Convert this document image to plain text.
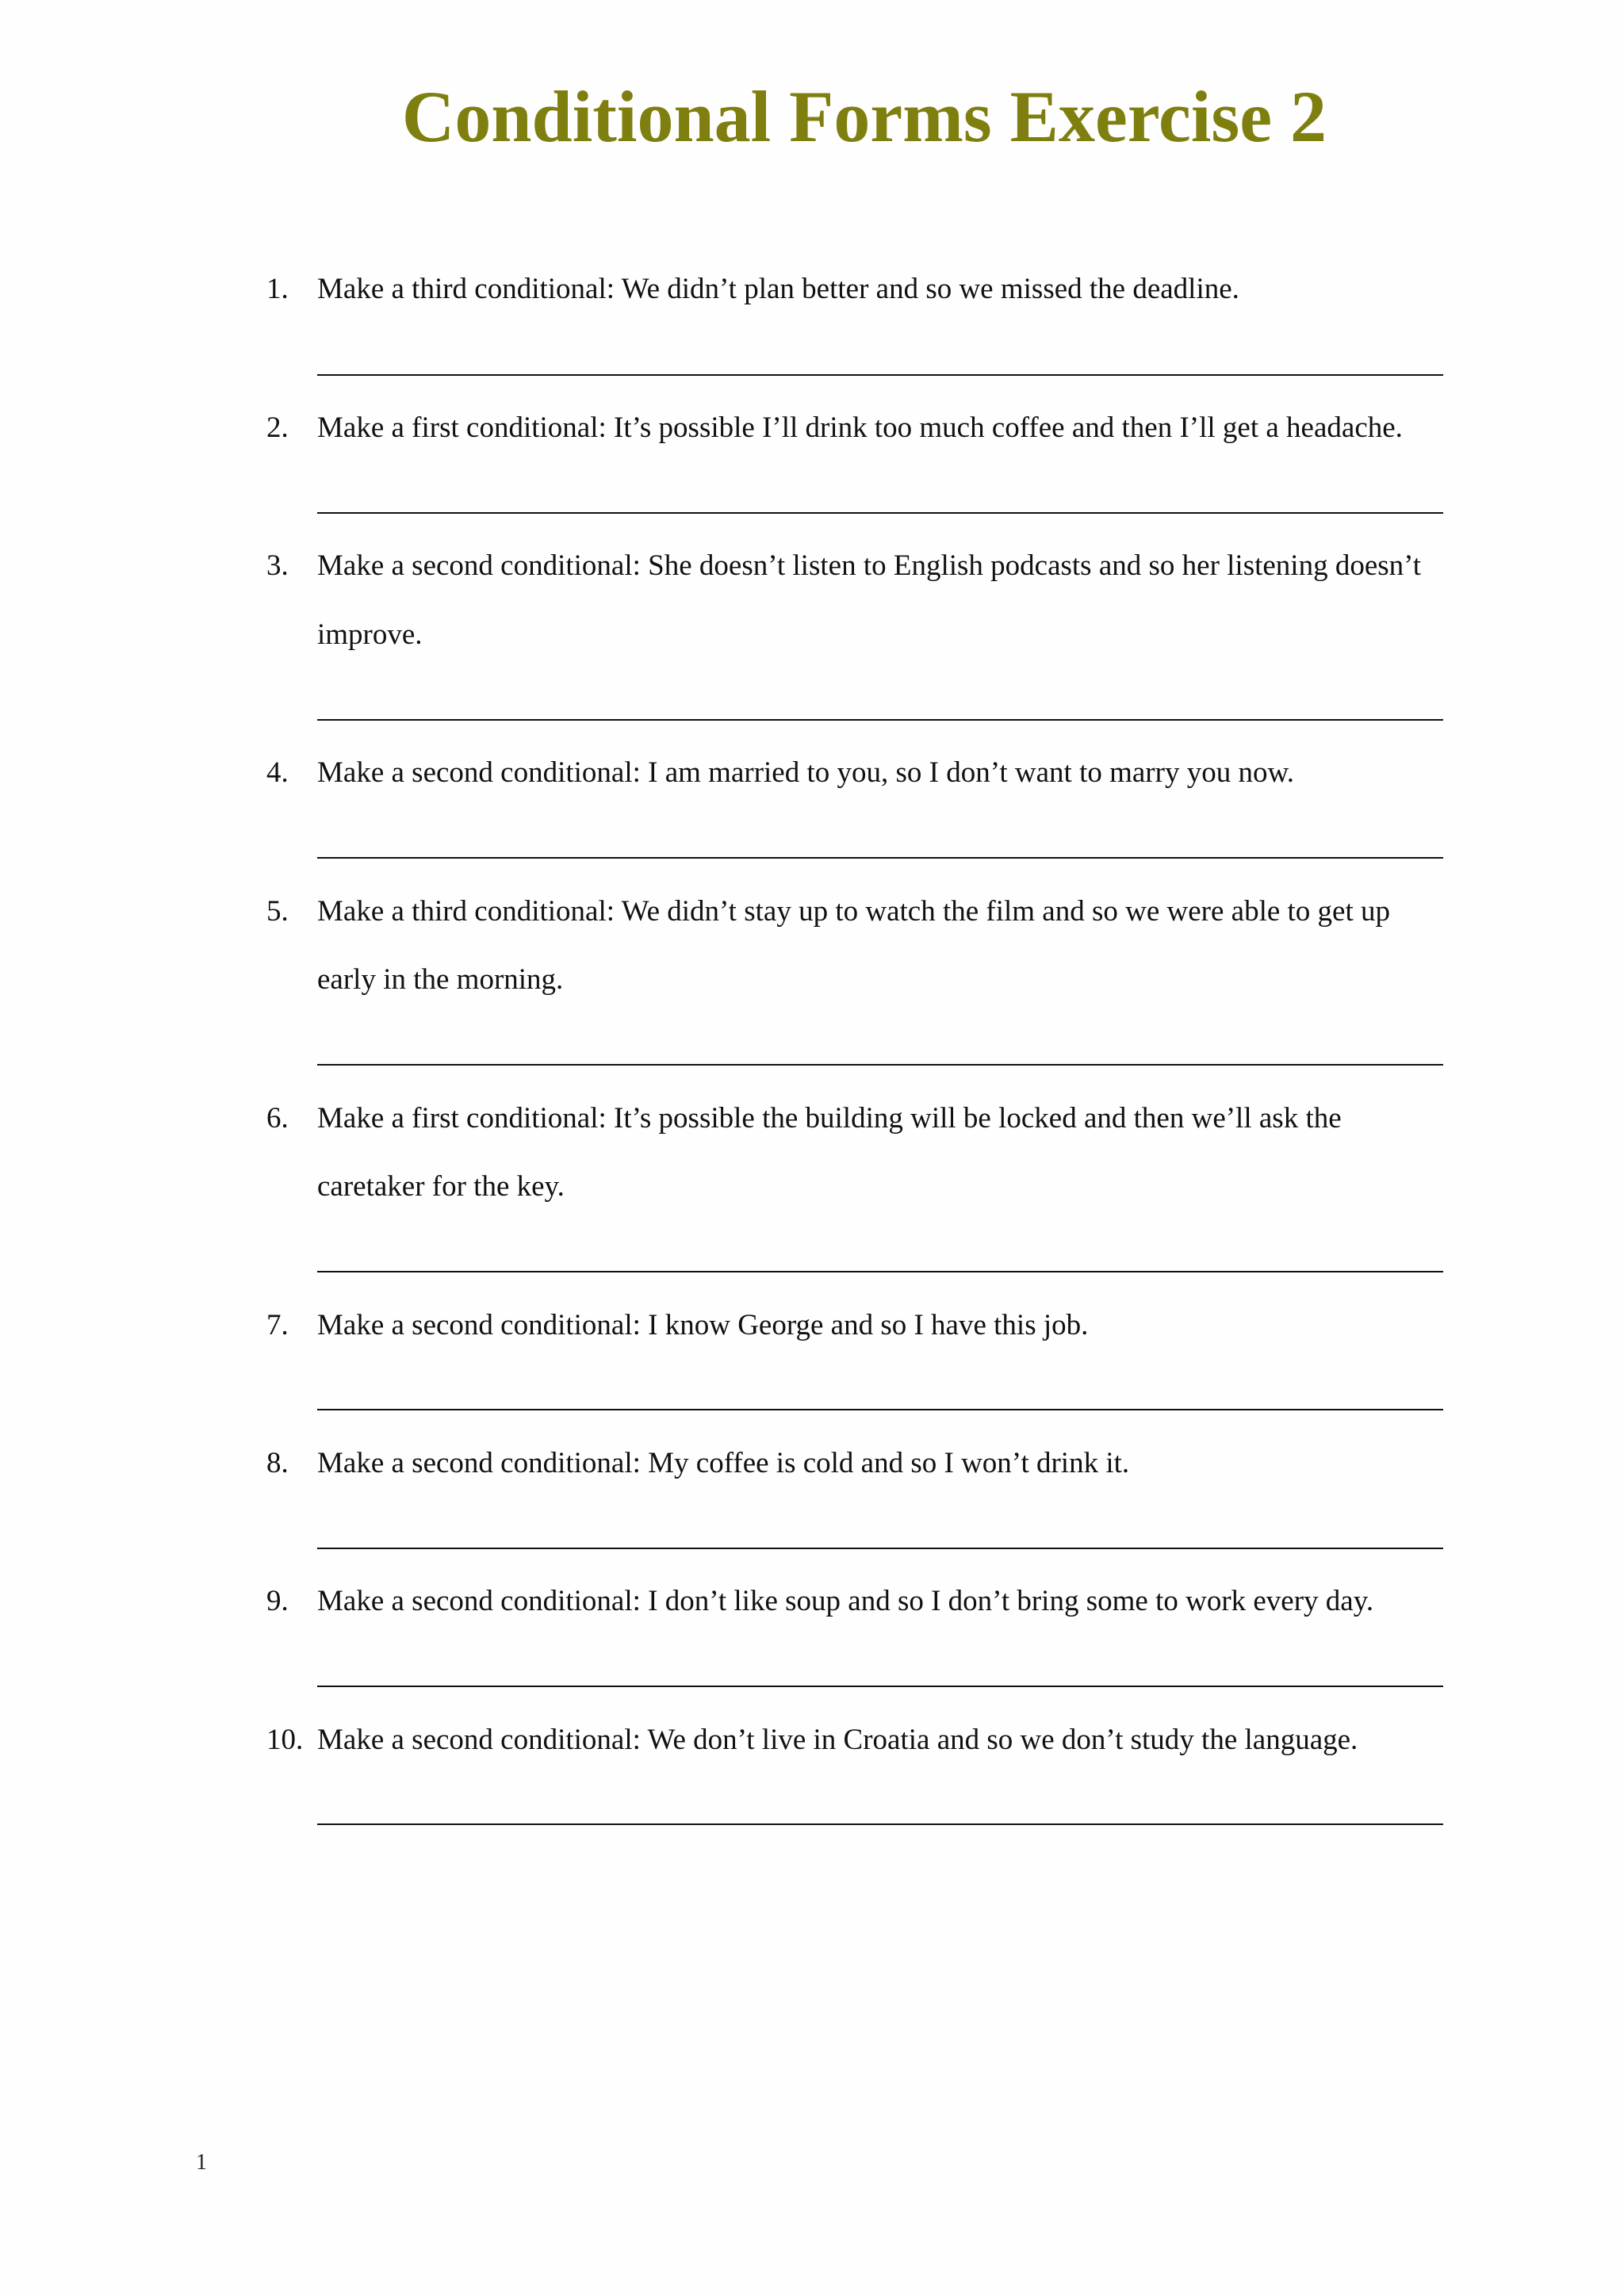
Conditional Forms Exercise 2
1. Make a third conditional: We didn’t plan better and so we missed the deadline.
2. Make a first conditional: It’s possible I’ll drink too much coffee and then I’ll get a headache.
3. Make a second conditional: She doesn’t listen to English podcasts and so her listening doesn’t
improve.
4. Make a second conditional: I am married to you, so I don’t want to marry you now.
5. Make a third conditional: We didn’t stay up to watch the film and so we were able to get up
early in the morning.
6. Make a first conditional: It’s possible the building will be locked and then we’ll ask the
caretaker for the key.
7. Make a second conditional: I know George and so I have this job.
8. Make a second conditional: My coffee is cold and so I won’t drink it.
9. Make a second conditional: I don’t like soup and so I don’t bring some to work every day.
10. Make a second conditional: We don’t live in Croatia and so we don’t study the language.
1
